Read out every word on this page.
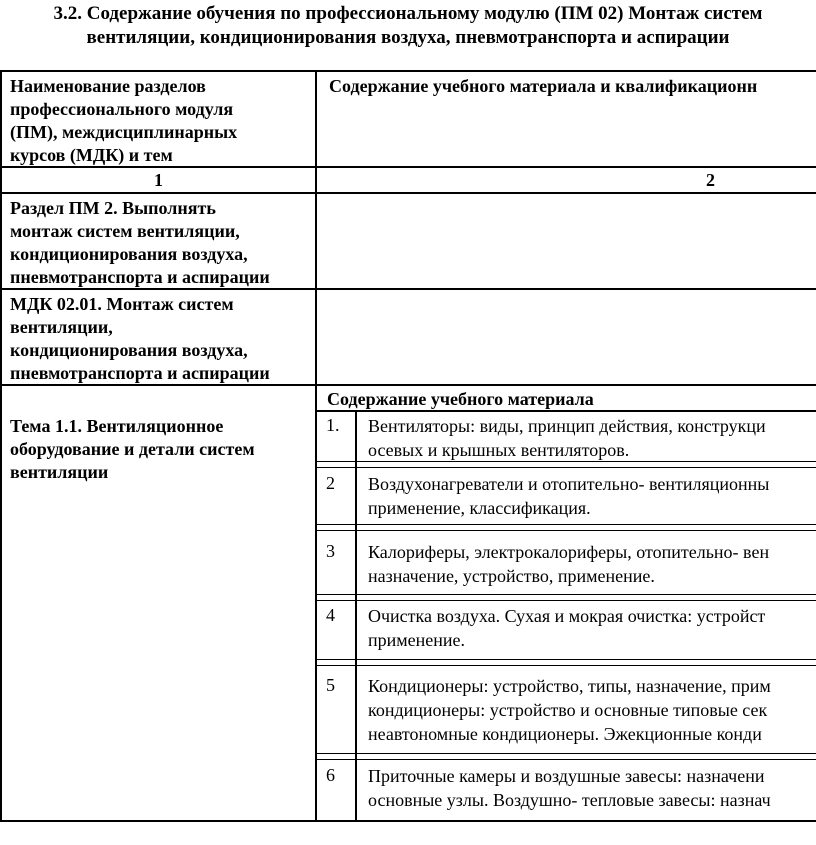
3.2. Содержание обучения по профессиональному модулю (ПМ 02) Монтаж систем
вентиляции, кондиционирования воздуха, пневмотранспорта и аспирации
Наименование разделов
профессионального модуля
(ПМ), междисциплинарных
курсов (МДК) и тем
Содержание учебного материала и квалификационн
1	2
Раздел ПМ 2. Выполнять
монтаж систем вентиляции,
кондиционирования воздуха,
пневмотранспорта и аспирации
МДК 02.01. Монтаж систем
вентиляции,
кондиционирования воздуха,
пневмотранспорта и аспирации
Содержание учебного материала
Тема 1.1. Вентиляционное
оборудование и детали систем
вентиляции
1. Вентиляторы: виды, принцип действия, конструкци
осевых и крышных вентиляторов.
2 Воздухонагреватели и отопительно- вентиляционны
применение, классификация.
3 Калориферы, электрокалориферы, отопительно- вен
назначение, устройство, применение.
4 Очистка воздуха. Сухая и мокрая очистка: устройст
применение.
5 Кондиционеры: устройство, типы, назначение, прим
кондиционеры: устройство и основные типовые сек
неавтономные кондиционеры. Эжекционные конди
6 Приточные камеры и воздушные завесы: назначени
основные узлы. Воздушно- тепловые завесы: назнач
